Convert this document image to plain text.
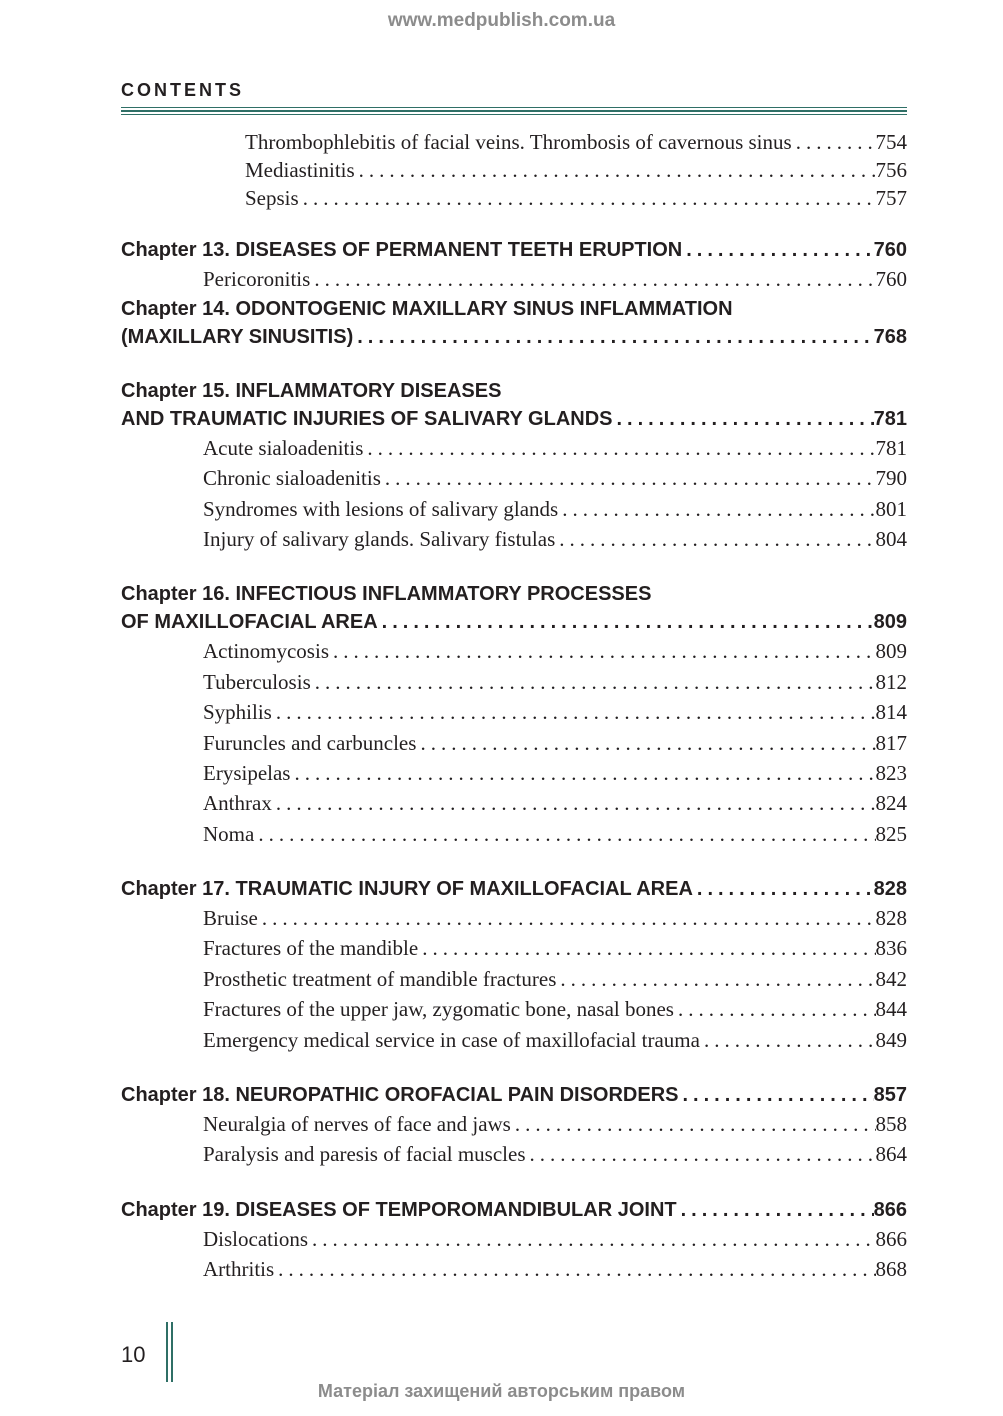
www.medpublish.com.ua
CONTENTS
Thrombophlebitis of facial veins. Thrombosis of cavernous sinus .....	754
Mediastinitis .....	756
Sepsis .....	757
Chapter 13. DISEASES OF PERMANENT TEETH ERUPTION .....	760
Pericoronitis .....	760
Chapter 14. ODONTOGENIC MAXILLARY SINUS INFLAMMATION
(MAXILLARY SINUSITIS) .....	768
Chapter 15. INFLAMMATORY DISEASES
AND TRAUMATIC INJURIES OF SALIVARY GLANDS .....	781
Acute sialoadenitis .....	781
Chronic sialoadenitis .....	790
Syndromes with lesions of salivary glands .....	801
Injury of salivary glands. Salivary fistulas .....	804
Chapter 16. INFECTIOUS INFLAMMATORY PROCESSES
OF MAXILLOFACIAL AREA .....	809
Actinomycosis .....	809
Tuberculosis .....	812
Syphilis .....	814
Furuncles and carbuncles .....	817
Erysipelas .....	823
Anthrax .....	824
Noma .....	825
Chapter 17. TRAUMATIC INJURY OF MAXILLOFACIAL AREA .....	828
Bruise .....	828
Fractures of the mandible .....	836
Prosthetic treatment of mandible fractures .....	842
Fractures of the upper jaw, zygomatic bone, nasal bones .....	844
Emergency medical service in case of maxillofacial trauma .....	849
Chapter 18. NEUROPATHIC OROFACIAL PAIN DISORDERS .....	857
Neuralgia of nerves of face and jaws .....	858
Paralysis and paresis of facial muscles .....	864
Chapter 19. DISEASES OF TEMPOROMANDIBULAR JOINT .....	866
Dislocations .....	866
Arthritis .....	868
10
Матеріал захищений авторським правом
